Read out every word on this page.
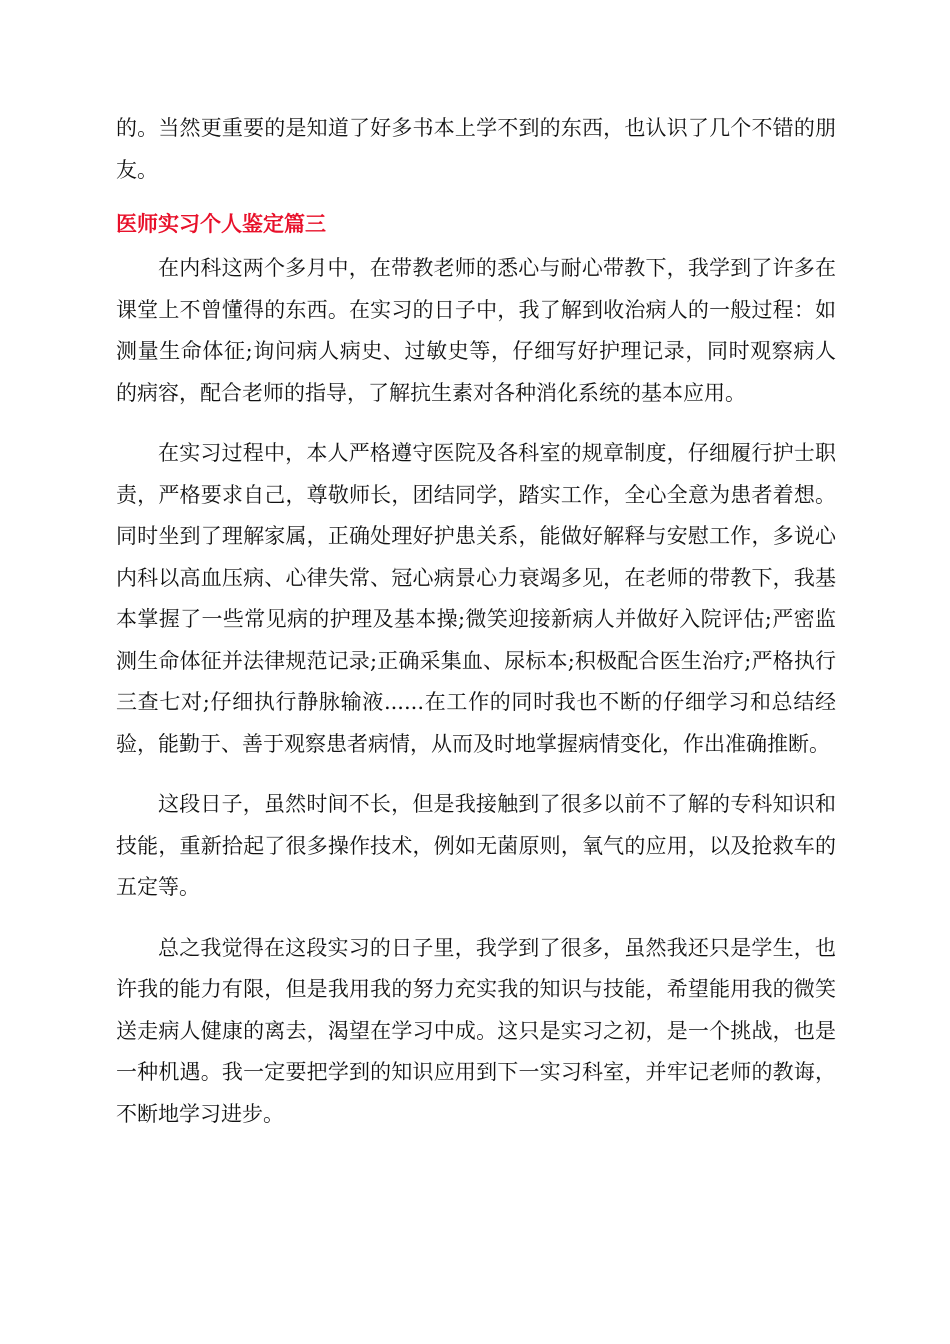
的。当然更重要的是知道了好多书本上学不到的东西，也认识了几个不错的朋友。

医师实习个人鉴定篇三

在内科这两个多月中，在带教老师的悉心与耐心带教下，我学到了许多在课堂上不曾懂得的东西。在实习的日子中，我了解到收治病人的一般过程：如测量生命体征;询问病人病史、过敏史等，仔细写好护理记录，同时观察病人的病容，配合老师的指导，了解抗生素对各种消化系统的基本应用。

在实习过程中，本人严格遵守医院及各科室的规章制度，仔细履行护士职责，严格要求自己，尊敬师长，团结同学，踏实工作，全心全意为患者着想。同时坐到了理解家属，正确处理好护患关系，能做好解释与安慰工作，多说心内科以高血压病、心律失常、冠心病景心力衰竭多见，在老师的带教下，我基本掌握了一些常见病的护理及基本操;微笑迎接新病人并做好入院评估;严密监测生命体征并法律规范记录;正确采集血、尿标本;积极配合医生治疗;严格执行三查七对;仔细执行静脉输液......在工作的同时我也不断的仔细学习和总结经验，能勤于、善于观察患者病情，从而及时地掌握病情变化，作出准确推断。

这段日子，虽然时间不长，但是我接触到了很多以前不了解的专科知识和技能，重新拾起了很多操作技术，例如无菌原则，氧气的应用，以及抢救车的五定等。

总之我觉得在这段实习的日子里，我学到了很多，虽然我还只是学生，也许我的能力有限，但是我用我的努力充实我的知识与技能，希望能用我的微笑送走病人健康的离去，渴望在学习中成。这只是实习之初，是一个挑战，也是一种机遇。我一定要把学到的知识应用到下一实习科室，并牢记老师的教诲，不断地学习进步。
